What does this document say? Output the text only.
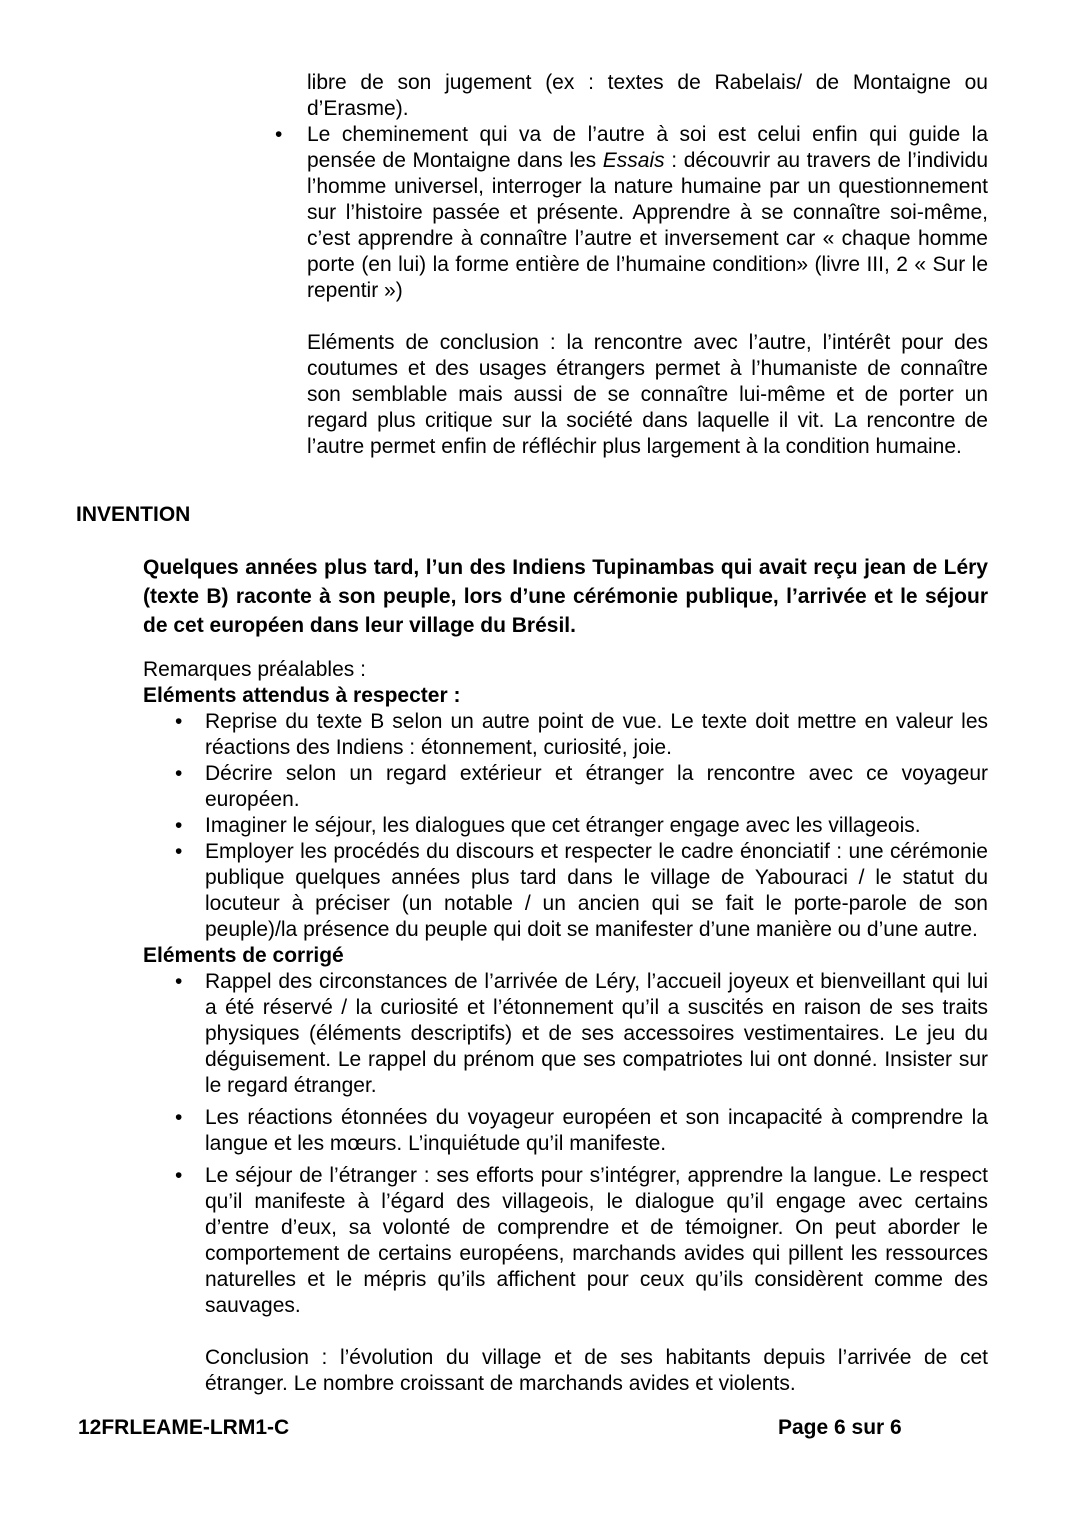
libre de son jugement (ex : textes de Rabelais/ de Montaigne ou d’Erasme).
•	Le cheminement qui va de l’autre à soi est celui enfin qui guide la pensée de Montaigne dans les Essais : découvrir au travers de l’individu l’homme universel, interroger la nature humaine par un questionnement sur l’histoire passée et présente. Apprendre à se connaître soi-même, c’est apprendre à connaître l’autre et inversement car « chaque homme porte (en lui) la forme entière de l’humaine condition» (livre III, 2 « Sur le repentir »)
Eléments de conclusion : la rencontre avec l’autre, l’intérêt pour des coutumes et des usages étrangers permet à l’humaniste de connaître son semblable mais aussi de se connaître lui-même et de porter un regard plus critique sur la société dans laquelle il vit. La rencontre de l’autre permet enfin de réfléchir plus largement à la condition humaine.
INVENTION
Quelques années plus tard, l’un des Indiens Tupinambas qui avait reçu jean de Léry (texte B) raconte à son peuple, lors d’une cérémonie publique, l’arrivée et le séjour de cet européen dans leur village du Brésil.
Remarques préalables :
Eléments attendus à respecter :
•	Reprise du texte B selon un autre point de vue. Le texte doit mettre en valeur les réactions des Indiens : étonnement, curiosité, joie.
•	Décrire selon un regard extérieur et étranger la rencontre avec ce voyageur européen.
•	Imaginer le séjour, les dialogues que cet étranger engage avec les villageois.
•	Employer les procédés du discours et respecter le cadre énonciatif : une cérémonie publique quelques années plus tard dans le village de Yabouraci / le statut du locuteur à préciser (un notable / un ancien qui se fait le porte-parole de son peuple)/la présence du peuple qui doit se manifester d’une manière ou d’une autre.
Eléments de corrigé
•	Rappel des circonstances de l’arrivée de Léry, l’accueil joyeux et bienveillant qui lui a été réservé / la curiosité et l’étonnement qu’il a suscités en raison de ses traits physiques (éléments descriptifs) et de ses accessoires vestimentaires. Le jeu du déguisement. Le rappel du prénom que ses compatriotes lui ont donné. Insister sur le regard étranger.
•	Les réactions étonnées du voyageur européen et son incapacité à comprendre la langue et les mœurs. L’inquiétude qu’il manifeste.
•	Le séjour de l’étranger : ses efforts pour s’intégrer, apprendre la langue. Le respect qu’il manifeste à l’égard des villageois, le dialogue qu’il engage avec certains d’entre d’eux, sa volonté de comprendre et de témoigner. On peut aborder le comportement de certains européens, marchands avides qui pillent les ressources naturelles et le mépris qu’ils affichent pour ceux qu’ils considèrent comme des sauvages.
Conclusion : l’évolution du village et de ses habitants depuis l’arrivée de cet étranger. Le nombre croissant de marchands avides et violents.
12FRLEAME-LRM1-C	Page 6 sur 6
